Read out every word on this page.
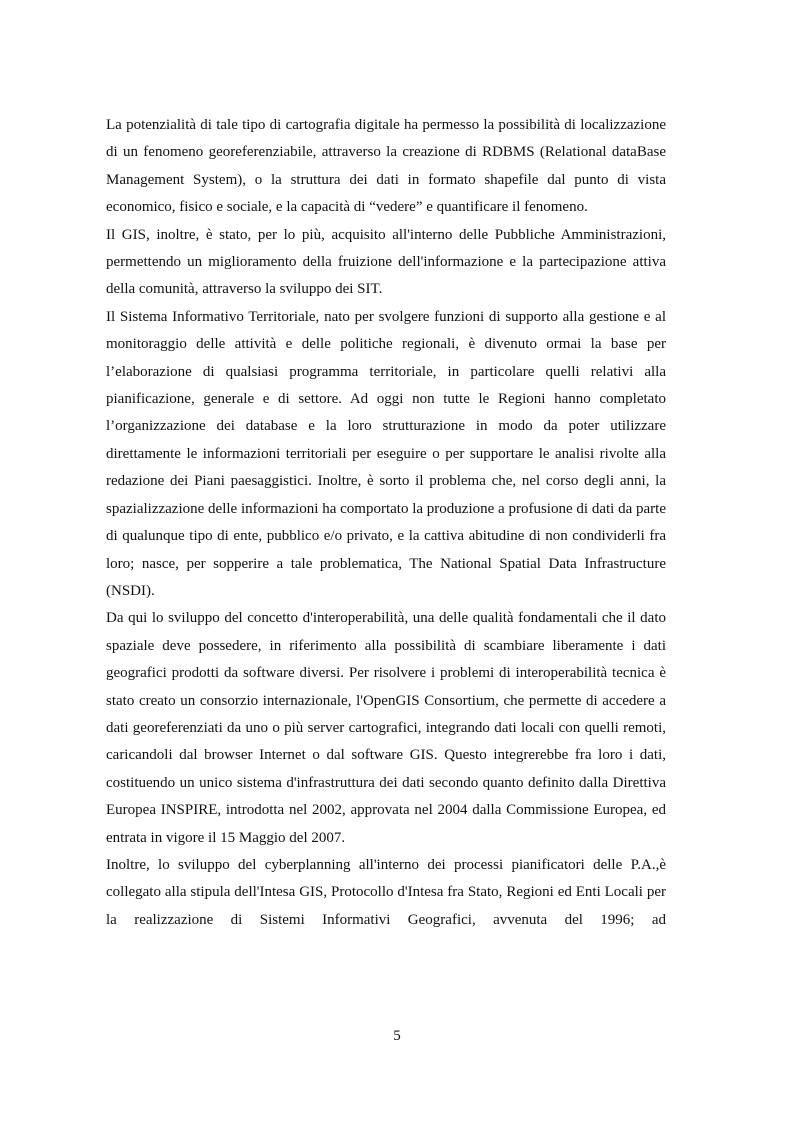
La potenzialità di tale tipo di cartografia digitale ha permesso la possibilità di localizzazione di un fenomeno georeferenziabile, attraverso la creazione di RDBMS (Relational dataBase Management System), o la struttura dei dati in formato shapefile dal punto di vista economico, fisico e sociale, e la capacità di “vedere” e quantificare il fenomeno.

Il GIS, inoltre, è stato, per lo più, acquisito all'interno delle Pubbliche Amministrazioni, permettendo un miglioramento della fruizione dell'informazione e la partecipazione attiva della comunità, attraverso la sviluppo dei SIT.

Il Sistema Informativo Territoriale, nato per svolgere funzioni di supporto alla gestione e al monitoraggio delle attività e delle politiche regionali, è divenuto ormai la base per l’elaborazione di qualsiasi programma territoriale, in particolare quelli relativi alla pianificazione, generale e di settore. Ad oggi non tutte le Regioni hanno completato l’organizzazione dei database e la loro strutturazione in modo da poter utilizzare direttamente le informazioni territoriali per eseguire o per supportare le analisi rivolte alla redazione dei Piani paesaggistici. Inoltre, è sorto il problema che, nel corso degli anni, la spazializzazione delle informazioni ha comportato la produzione a profusione di dati da parte di qualunque tipo di ente, pubblico e/o privato, e la cattiva abitudine di non condividerli fra loro; nasce, per sopperire a tale problematica, The National Spatial Data Infrastructure (NSDI).

Da qui lo sviluppo del concetto d'interoperabilità, una delle qualità fondamentali che il dato spaziale deve possedere, in riferimento alla possibilità di scambiare liberamente i dati geografici prodotti da software diversi. Per risolvere i problemi di interoperabilità tecnica è stato creato un consorzio internazionale, l'OpenGIS Consortium, che permette di accedere a dati georeferenziati da uno o più server cartografici, integrando dati locali con quelli remoti, caricandoli dal browser Internet o dal software GIS. Questo integrerebbe fra loro i dati, costituendo un unico sistema d'infrastruttura dei dati secondo quanto definito dalla Direttiva Europea INSPIRE, introdotta nel 2002, approvata nel 2004 dalla Commissione Europea, ed entrata in vigore il 15 Maggio del 2007.

Inoltre, lo sviluppo del cyberplanning all'interno dei processi pianificatori delle P.A.,è collegato alla stipula dell'Intesa GIS, Protocollo d'Intesa fra Stato, Regioni ed Enti Locali per la realizzazione di Sistemi Informativi Geografici, avvenuta del 1996; ad

5
